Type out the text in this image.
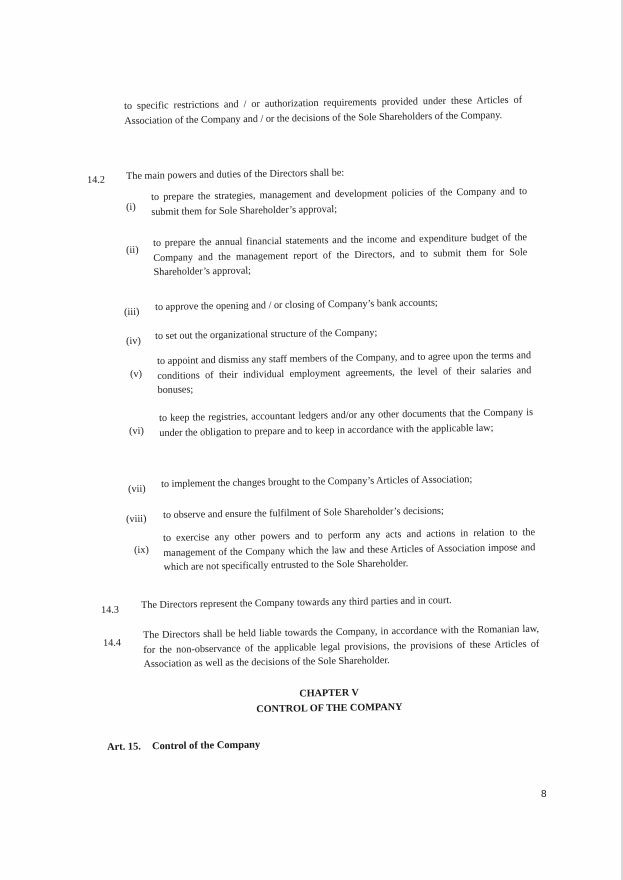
to specific restrictions and / or authorization requirements provided under these Articles of Association of the Company and / or the decisions of the Sole Shareholders of the Company.
14.2 The main powers and duties of the Directors shall be:
(i)
to prepare the strategies, management and development policies of the Company and to submit them for Sole Shareholder’s approval;
(ii)
to prepare the annual financial statements and the income and expenditure budget of the Company and the management report of the Directors, and to submit them for Sole Shareholder’s approval;
(iii) to approve the opening and / or closing of Company’s bank accounts;
(iv) to set out the organizational structure of the Company;
(v)
to appoint and dismiss any staff members of the Company, and to agree upon the terms and conditions of their individual employment agreements, the level of their salaries and bonuses;
(vi)
to keep the registries, accountant ledgers and/or any other documents that the Company is under the obligation to prepare and to keep in accordance with the applicable law;
(vii) to implement the changes brought to the Company’s Articles of Association;
(viii) to observe and ensure the fulfilment of Sole Shareholder’s decisions;
(ix)
to exercise any other powers and to perform any acts and actions in relation to the management of the Company which the law and these Articles of Association impose and which are not specifically entrusted to the Sole Shareholder.
14.3 The Directors represent the Company towards any third parties and in court.
14.4
The Directors shall be held liable towards the Company, in accordance with the Romanian law, for the non-observance of the applicable legal provisions, the provisions of these Articles of Association as well as the decisions of the Sole Shareholder.
CHAPTER V
CONTROL OF THE COMPANY
Art. 15. Control of the Company
8
